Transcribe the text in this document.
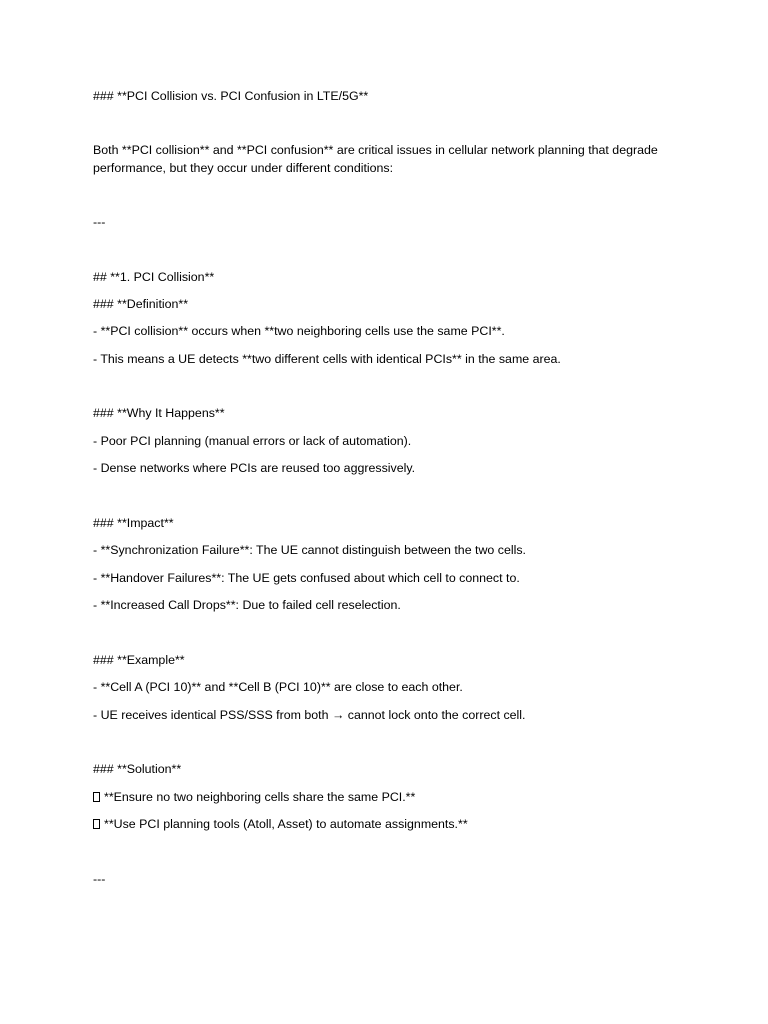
### **PCI Collision vs. PCI Confusion in LTE/5G**

Both **PCI collision** and **PCI confusion** are critical issues in cellular network planning that degrade performance, but they occur under different conditions:

---

## **1. PCI Collision**

### **Definition**

- **PCI collision** occurs when **two neighboring cells use the same PCI**.

- This means a UE detects **two different cells with identical PCIs** in the same area.

### **Why It Happens**

- Poor PCI planning (manual errors or lack of automation).

- Dense networks where PCIs are reused too aggressively.

### **Impact**

- **Synchronization Failure**: The UE cannot distinguish between the two cells.

- **Handover Failures**: The UE gets confused about which cell to connect to.

- **Increased Call Drops**: Due to failed cell reselection.

### **Example**

- **Cell A (PCI 10)** and **Cell B (PCI 10)** are close to each other.

- UE receives identical PSS/SSS from both → cannot lock onto the correct cell.

### **Solution**

**Ensure no two neighboring cells share the same PCI.**

**Use PCI planning tools (Atoll, Asset) to automate assignments.**

---
